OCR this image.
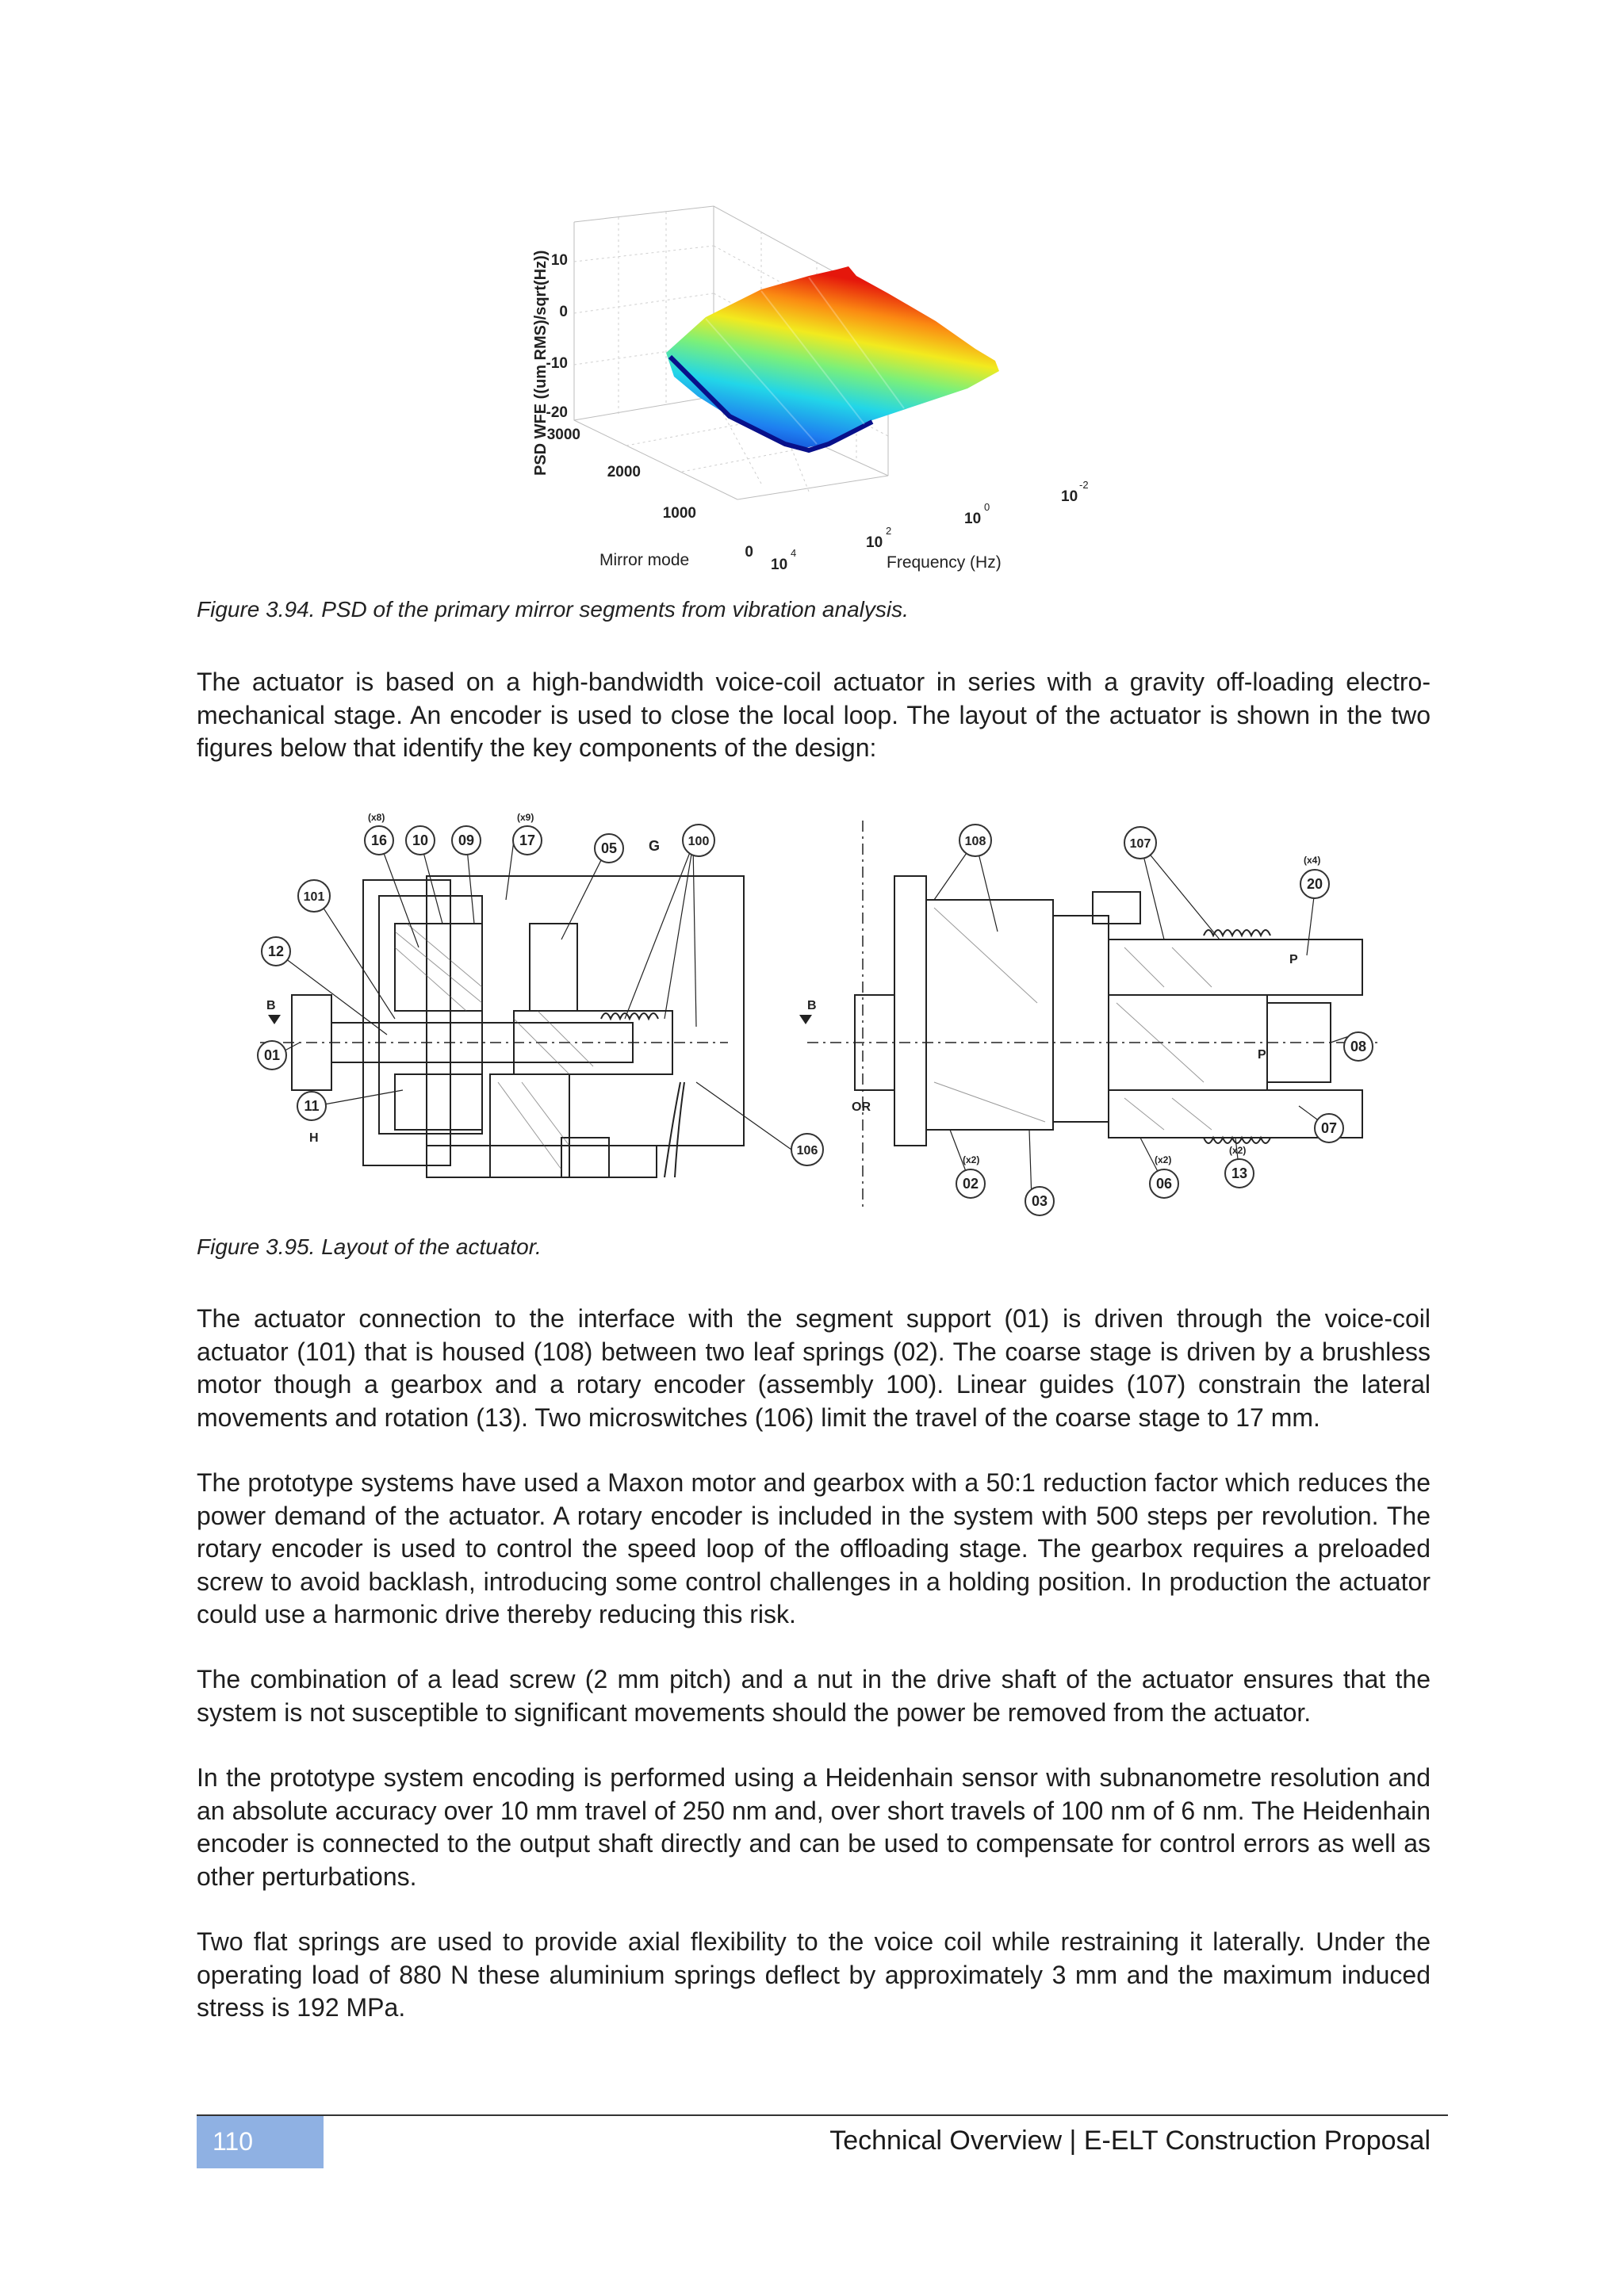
PSD WFE ((um RMS)/sqrt(Hz)) 10
0
-10
-20
3000
2000
1000
0
Mirror mode	10
4
10
2
10
0
10
-2
Frequency (Hz)
Figure 3.94. PSD of the primary mirror segments from vibration analysis.

The actuator is based on a high-bandwidth voice-coil actuator in series with a gravity off-loading electro-mechanical stage. An encoder is used to close the local loop. The layout of the actuator is shown in the two figures below that identify the key components of the design:

16 10 09	17	05	100
101
12
01
11
106
(x8)	(x9)
G
B	B
H
108	107
20
08
07
13
06
02
03
(x4)
P
P
(x2)
(x2)
(x2)
OR
Figure 3.95. Layout of the actuator.

The actuator connection to the interface with the segment support (01) is driven through the voice-coil actuator (101) that is housed (108) between two leaf springs (02). The coarse stage is driven by a brushless motor though a gearbox and a rotary encoder (assembly 100). Linear guides (107) constrain the lateral movements and rotation (13). Two microswitches (106) limit the travel of the coarse stage to 17 mm.

The prototype systems have used a Maxon motor and gearbox with a 50:1 reduction factor which reduces the power demand of the actuator. A rotary encoder is included in the system with 500 steps per revolution. The rotary encoder is used to control the speed loop of the offloading stage. The gearbox requires a preloaded screw to avoid backlash, introducing some control challenges in a holding position. In production the actuator could use a harmonic drive thereby reducing this risk.

The combination of a lead screw (2 mm pitch) and a nut in the drive shaft of the actuator ensures that the system is not susceptible to significant movements should the power be removed from the actuator.

In the prototype system encoding is performed using a Heidenhain sensor with subnanometre resolution and an absolute accuracy over 10 mm travel of 250 nm and, over short travels of 100 nm of 6 nm. The Heidenhain encoder is connected to the output shaft directly and can be used to compensate for control errors as well as other perturbations.

Two flat springs are used to provide axial flexibility to the voice coil while restraining it laterally. Under the operating load of 880 N these aluminium springs deflect by approximately 3 mm and the maximum induced stress is 192 MPa.

110	Technical Overview | E-ELT Construction Proposal
